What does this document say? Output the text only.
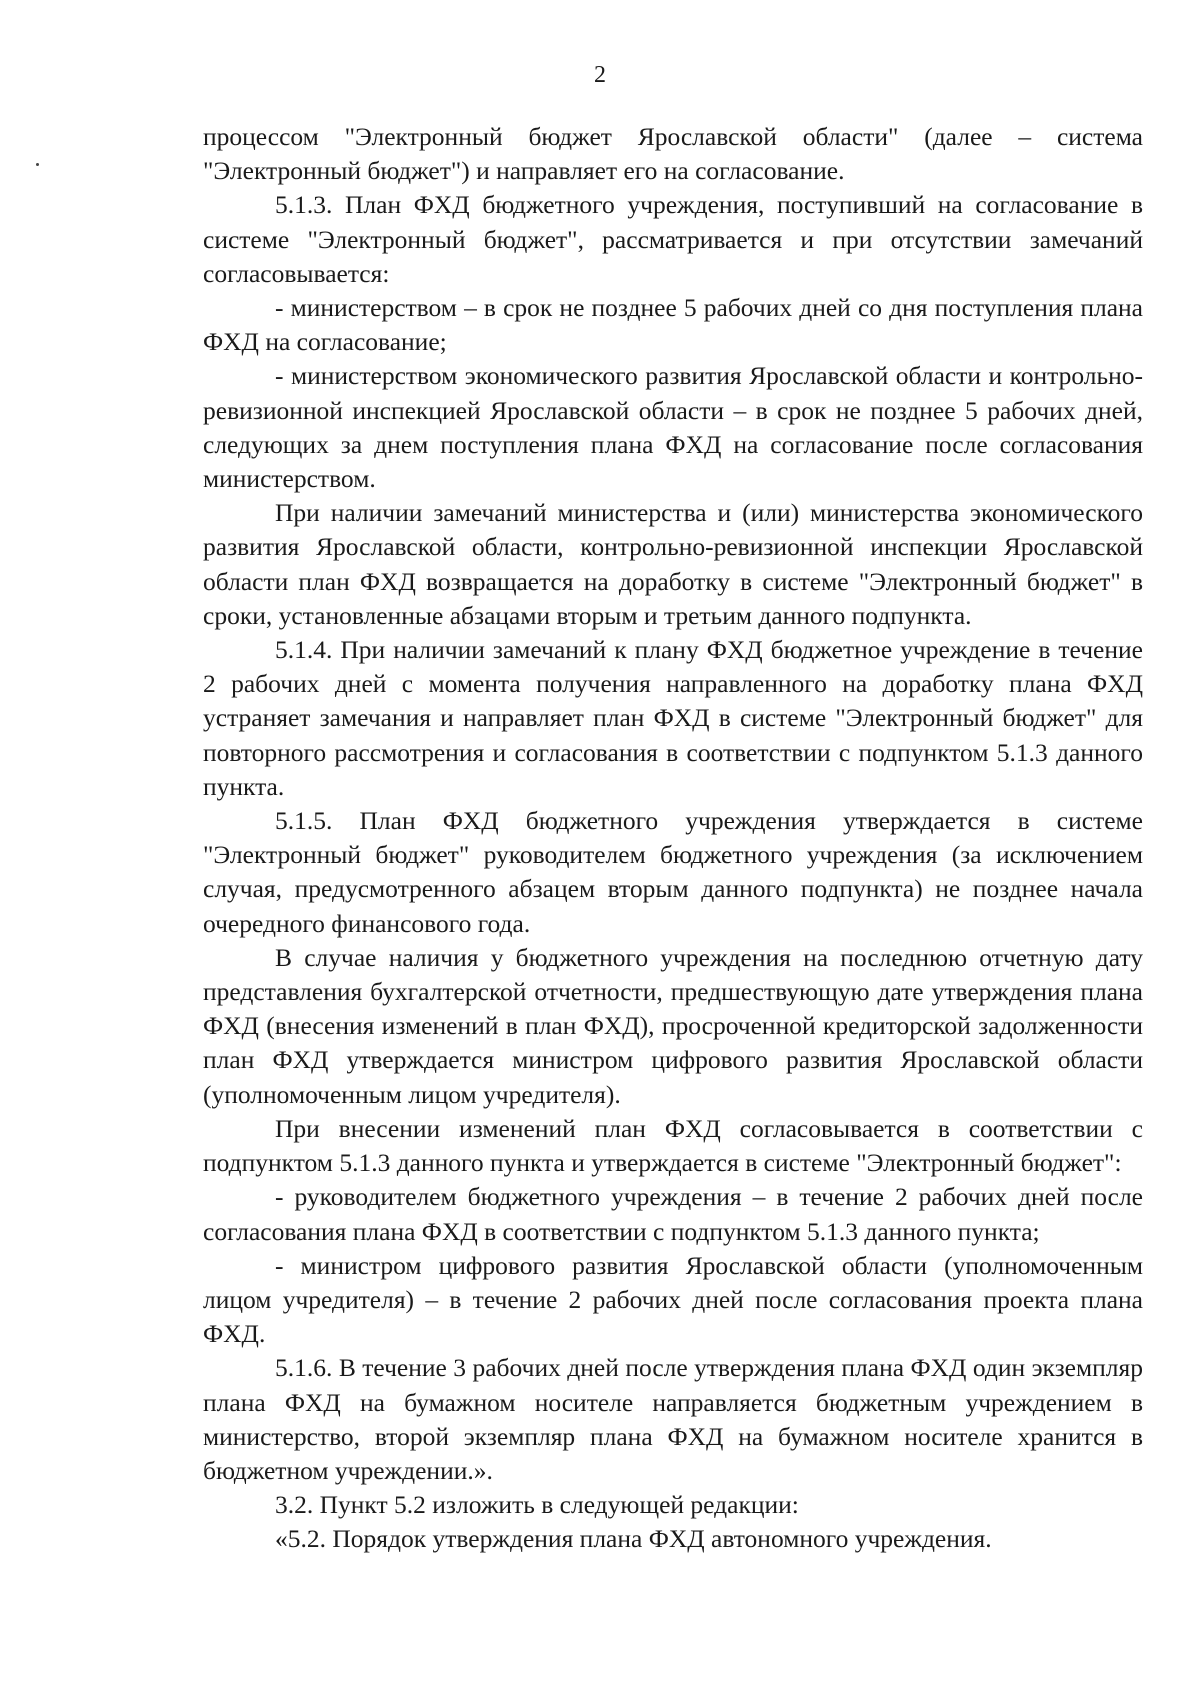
2

процессом "Электронный бюджет Ярославской области" (далее – система "Электронный бюджет") и направляет его на согласование.

5.1.3. План ФХД бюджетного учреждения, поступивший на согласование в системе "Электронный бюджет", рассматривается и при отсутствии замечаний согласовывается:

- министерством – в срок не позднее 5 рабочих дней со дня поступления плана ФХД на согласование;

- министерством экономического развития Ярославской области и контрольно-ревизионной инспекцией Ярославской области – в срок не позднее 5 рабочих дней, следующих за днем поступления плана ФХД на согласование после согласования министерством.

При наличии замечаний министерства и (или) министерства экономического развития Ярославской области, контрольно-ревизионной инспекции Ярославской области план ФХД возвращается на доработку в системе "Электронный бюджет" в сроки, установленные абзацами вторым и третьим данного подпункта.

5.1.4. При наличии замечаний к плану ФХД бюджетное учреждение в течение 2 рабочих дней с момента получения направленного на доработку плана ФХД устраняет замечания и направляет план ФХД в системе "Электронный бюджет" для повторного рассмотрения и согласования в соответствии с подпунктом 5.1.3 данного пункта.

5.1.5. План ФХД бюджетного учреждения утверждается в системе "Электронный бюджет" руководителем бюджетного учреждения (за исключением случая, предусмотренного абзацем вторым данного подпункта) не позднее начала очередного финансового года.

В случае наличия у бюджетного учреждения на последнюю отчетную дату представления бухгалтерской отчетности, предшествующую дате утверждения плана ФХД (внесения изменений в план ФХД), просроченной кредиторской задолженности план ФХД утверждается министром цифрового развития Ярославской области (уполномоченным лицом учредителя).

При внесении изменений план ФХД согласовывается в соответствии с подпунктом 5.1.3 данного пункта и утверждается в системе "Электронный бюджет":

- руководителем бюджетного учреждения – в течение 2 рабочих дней после согласования плана ФХД в соответствии с подпунктом 5.1.3 данного пункта;

- министром цифрового развития Ярославской области (уполномоченным лицом учредителя) – в течение 2 рабочих дней после согласования проекта плана ФХД.

5.1.6. В течение 3 рабочих дней после утверждения плана ФХД один экземпляр плана ФХД на бумажном носителе направляется бюджетным учреждением в министерство, второй экземпляр плана ФХД на бумажном носителе хранится в бюджетном учреждении.».

3.2. Пункт 5.2 изложить в следующей редакции:

«5.2. Порядок утверждения плана ФХД автономного учреждения.
